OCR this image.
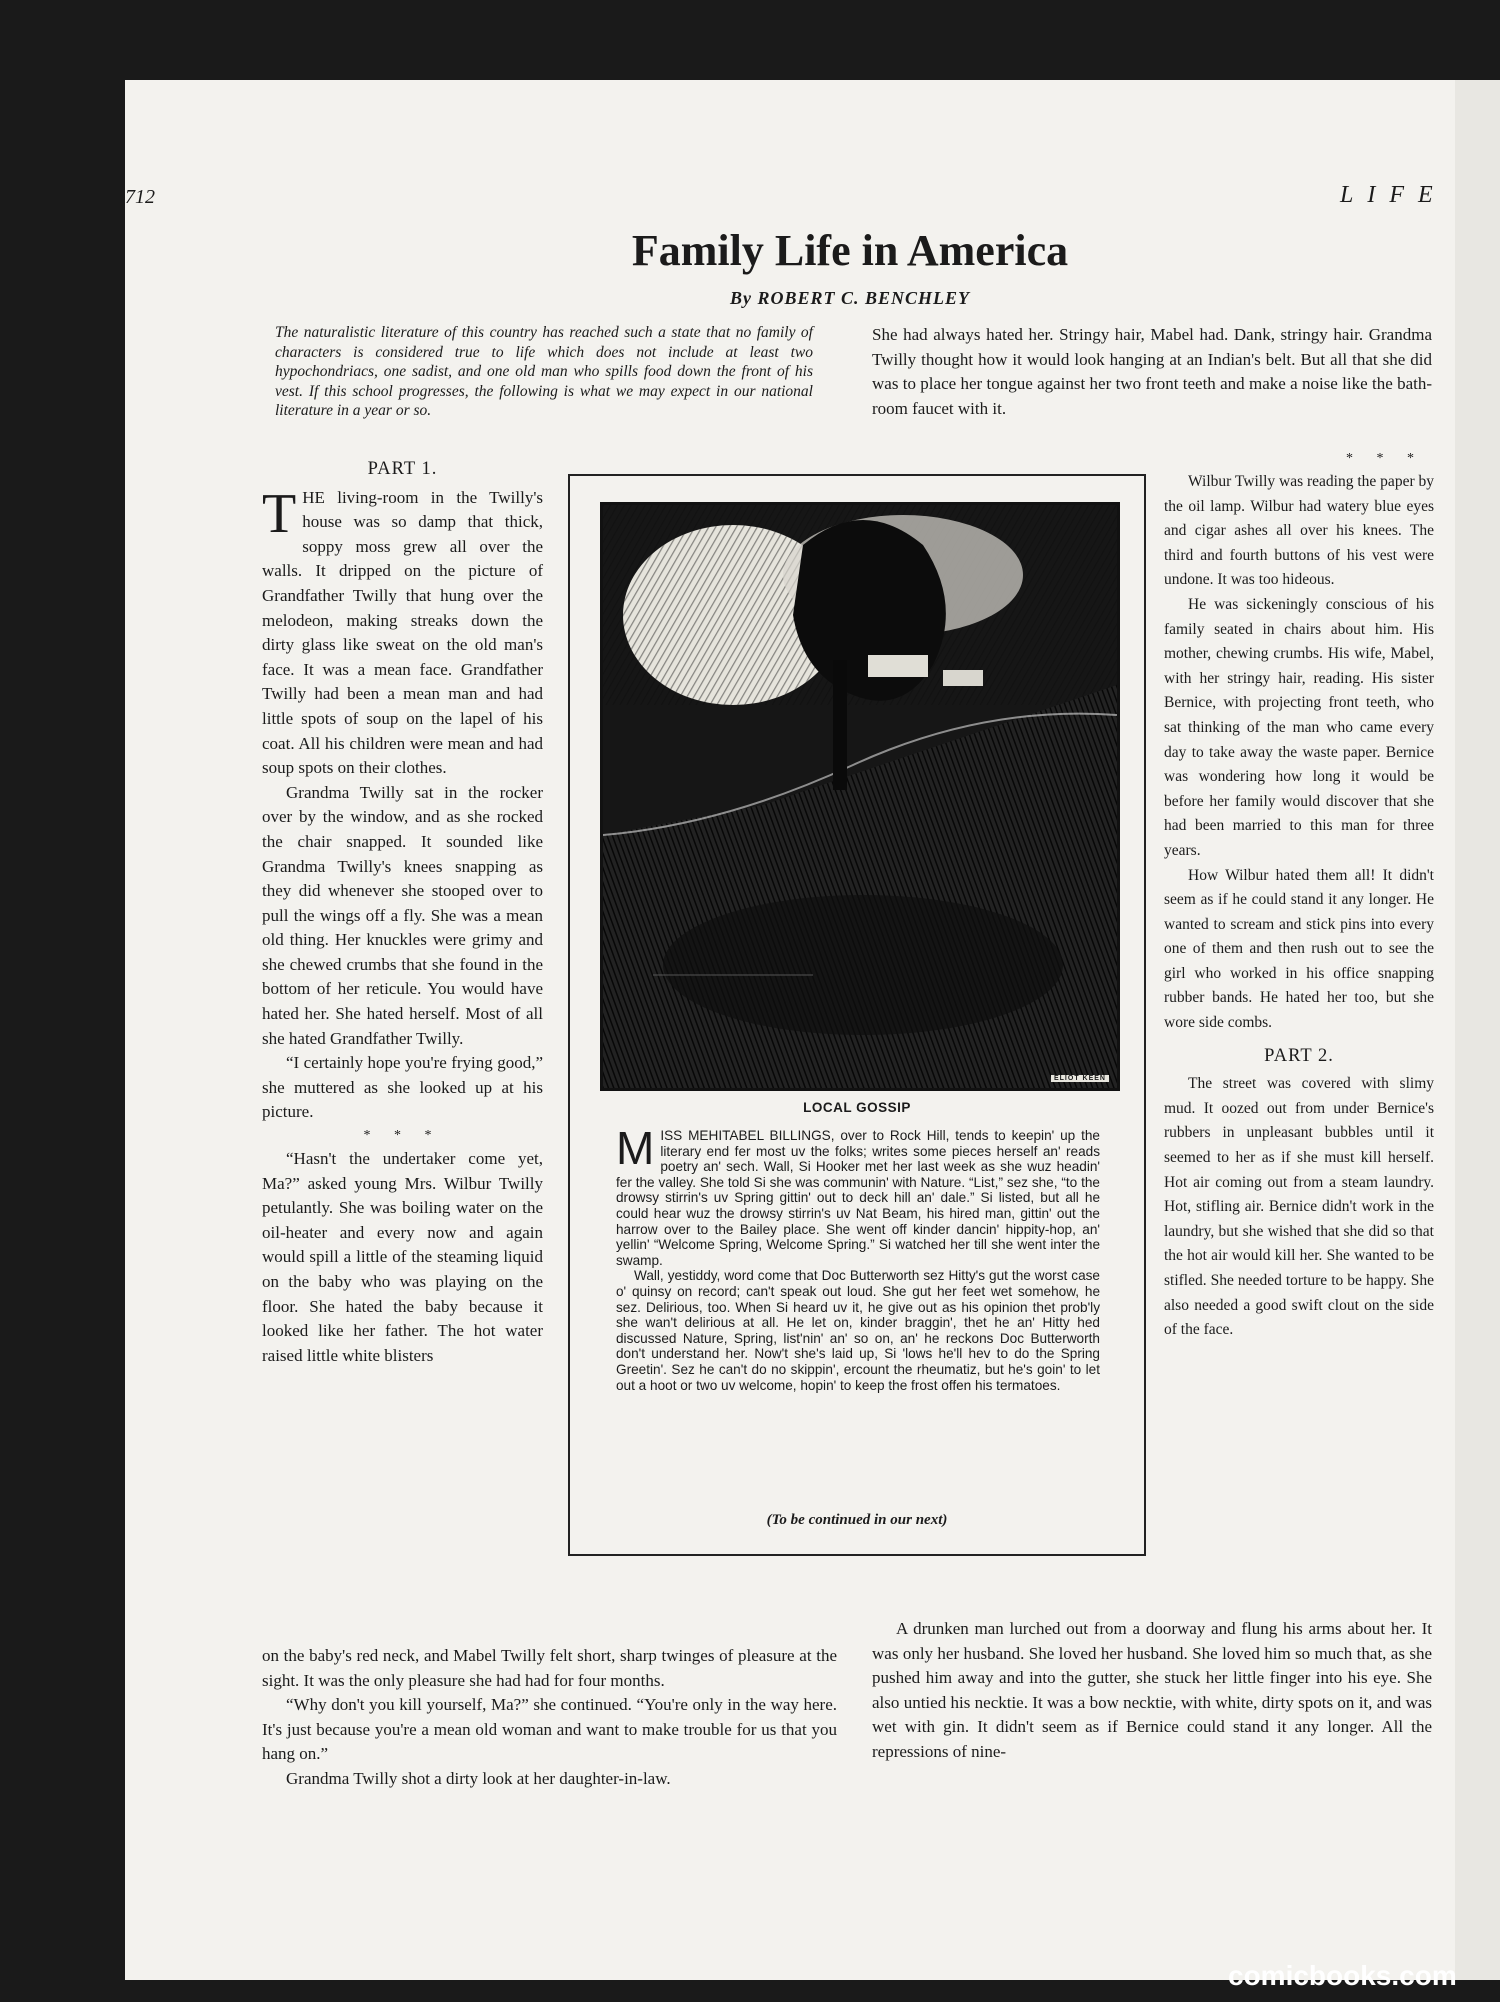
712	LIFE
Family Life in America
By ROBERT C. BENCHLEY
The naturalistic literature of this country has reached such a state that no family of characters is considered true to life which does not include at least two hypochondriacs, one sadist, and one old man who spills food down the front of his vest. If this school progresses, the following is what we may expect in our national literature in a year or so.
PART 1.

THE living-room in the Twilly's house was so damp that thick, soppy moss grew all over the walls. It dripped on the picture of Grandfather Twilly that hung over the melodeon, making streaks down the dirty glass like sweat on the old man's face. It was a mean face. Grandfather Twilly had been a mean man and had little spots of soup on the lapel of his coat. All his children were mean and had soup spots on their clothes.

Grandma Twilly sat in the rocker over by the window, and as she rocked the chair snapped. It sounded like Grandma Twilly's knees snapping as they did whenever she stooped over to pull the wings off a fly. She was a mean old thing. Her knuckles were grimy and she chewed crumbs that she found in the bottom of her reticule. You would have hated her. She hated herself. Most of all she hated Grandfather Twilly.

“I certainly hope you're frying good,” she muttered as she looked up at his picture.

* * *

“Hasn't the undertaker come yet, Ma?” asked young Mrs. Wilbur Twilly petulantly. She was boiling water on the oil-heater and every now and again would spill a little of the steaming liquid on the baby who was playing on the floor. She hated the baby because it looked like her father. The hot water raised little white blisters

on the baby's red neck, and Mabel Twilly felt short, sharp twinges of pleasure at the sight. It was the only pleasure she had had for four months.

“Why don't you kill yourself, Ma?” she continued. “You're only in the way here. It's just because you're a mean old woman and want to make trouble for us that you hang on.”

Grandma Twilly shot a dirty look at her daughter-in-law.

She had always hated her. Stringy hair, Mabel had. Dank, stringy hair. Grandma Twilly thought how it would look hanging at an Indian's belt. But all that she did was to place her tongue against her two front teeth and make a noise like the bath-room faucet with it.

* * *

Wilbur Twilly was reading the paper by the oil lamp. Wilbur had watery blue eyes and cigar ashes all over his knees. The third and fourth buttons of his vest were undone. It was too hideous.

He was sickeningly conscious of his family seated in chairs about him. His mother, chewing crumbs. His wife, Mabel, with her stringy hair, reading. His sister Bernice, with projecting front teeth, who sat thinking of the man who came every day to take away the waste paper. Bernice was wondering how long it would be before her family would discover that she had been married to this man for three years.

How Wilbur hated them all! It didn't seem as if he could stand it any longer. He wanted to scream and stick pins into every one of them and then rush out to see the girl who worked in his office snapping rubber bands. He hated her too, but she wore side combs.

PART 2.

The street was covered with slimy mud. It oozed out from under Bernice's rubbers in unpleasant bubbles until it seemed to her as if she must kill herself. Hot air coming out from a steam laundry. Hot, stifling air. Bernice didn't work in the laundry, but she wished that she did so that the hot air would kill her. She wanted to be stifled. She needed torture to be happy. She also needed a good swift clout on the side of the face.

A drunken man lurched out from a doorway and flung his arms about her. It was only her husband. She loved her husband. She loved him so much that, as she pushed him away and into the gutter, she stuck her little finger into his eye. She also untied his necktie. It was a bow necktie, with white, dirty spots on it, and was wet with gin. It didn't seem as if Bernice could stand it any longer. All the repressions of nine-

ELIOT KEEN
LOCAL GOSSIP

MISS MEHITABEL BILLINGS, over to Rock Hill, tends to keepin' up the literary end fer most uv the folks; writes some pieces herself an' reads poetry an' sech. Wall, Si Hooker met her last week as she wuz headin' fer the valley. She told Si she was communin' with Nature. “List,” sez she, “to the drowsy stirrin's uv Spring gittin' out to deck hill an' dale.” Si listed, but all he could hear wuz the drowsy stirrin's uv Nat Beam, his hired man, gittin' out the harrow over to the Bailey place. She went off kinder dancin' hippity-hop, an' yellin' “Welcome Spring, Welcome Spring.” Si watched her till she went inter the swamp.

Wall, yestiddy, word come that Doc Butterworth sez Hitty's gut the worst case o' quinsy on record; can't speak out loud. She gut her feet wet somehow, he sez. Delirious, too. When Si heard uv it, he give out as his opinion thet prob'ly she wan't delirious at all. He let on, kinder braggin', thet he an' Hitty hed discussed Nature, Spring, list'nin' an' so on, an' he reckons Doc Butterworth don't understand her. Now't she's laid up, Si 'lows he'll hev to do the Spring Greetin'. Sez he can't do no skippin', ercount the rheumatiz, but he's goin' to let out a hoot or two uv welcome, hopin' to keep the frost offen his termatoes.

(To be continued in our next)
comicbooks.com
